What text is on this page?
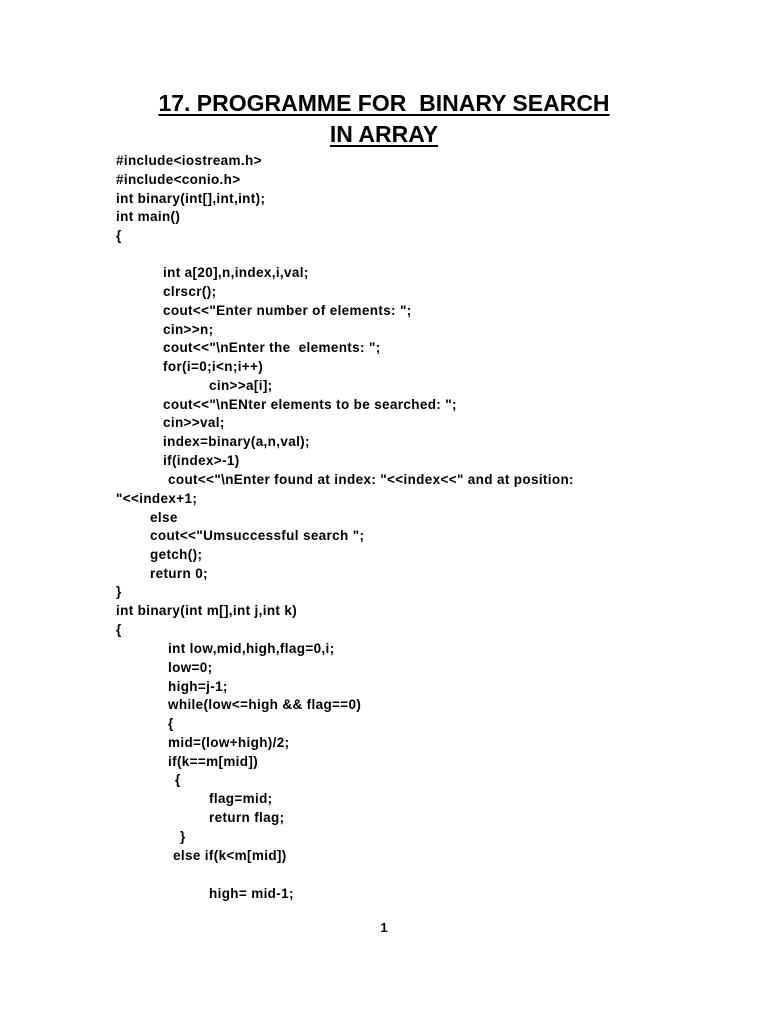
17. PROGRAMME FOR  BINARY SEARCH
IN ARRAY
#include<iostream.h>
#include<conio.h>
int binary(int[],int,int);
int main()
{
int a[20],n,index,i,val;
clrscr();
cout<<"Enter number of elements: ";
cin>>n;
cout<<"\nEnter the  elements: ";
for(i=0;i<n;i++)
cin>>a[i];
cout<<"\nENter elements to be searched: ";
cin>>val;
index=binary(a,n,val);
if(index>-1)
cout<<"\nEnter found at index: "<<index<<" and at position:
"<<index+1;
else
cout<<"Umsuccessful search ";
getch();
return 0;
}
int binary(int m[],int j,int k)
{
int low,mid,high,flag=0,i;
low=0;
high=j-1;
while(low<=high && flag==0)
{
mid=(low+high)/2;
if(k==m[mid])
{
flag=mid;
return flag;
}
else if(k<m[mid])
high= mid-1;
1
